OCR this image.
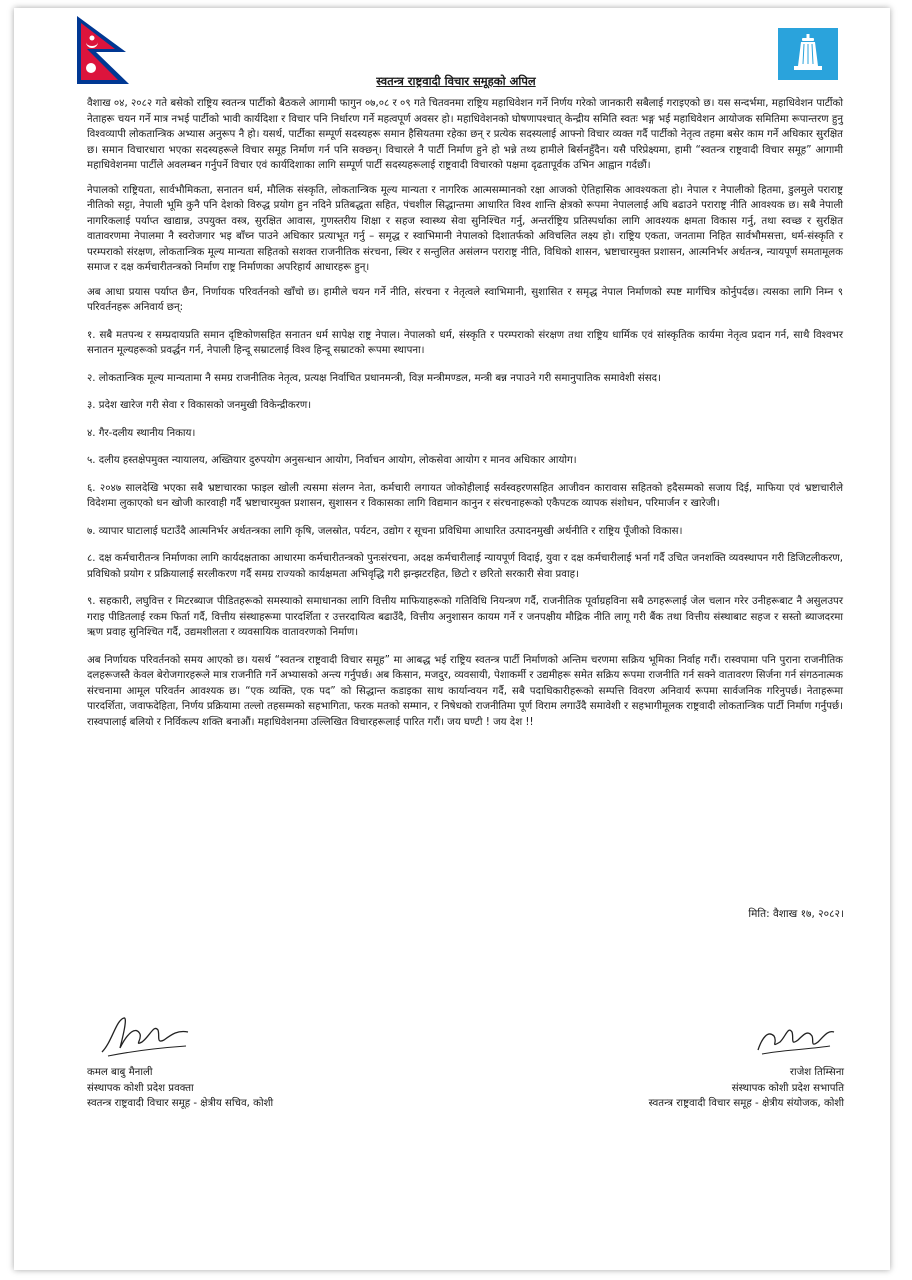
स्वतन्त्र राष्ट्रवादी विचार समूहको अपिल

वैशाख ०४, २०८२ गते बसेको राष्ट्रिय स्वतन्त्र पार्टीको बैठकले आगामी फागुन ०७,०८ र ०९ गते चितवनमा राष्ट्रिय महाधिवेशन गर्ने निर्णय गरेको जानकारी सबैलाई गराइएको छ। यस सन्दर्भमा, महाधिवेशन पार्टीको नेताहरू चयन गर्ने मात्र नभई पार्टीको भावी कार्यदिशा र विचार पनि निर्धारण गर्ने महत्वपूर्ण अवसर हो। महाधिवेशनको घोषणापश्चात् केन्द्रीय समिति स्वतः भङ्ग भई महाधिवेशन आयोजक समितिमा रूपान्तरण हुनु विश्वव्यापी लोकतान्त्रिक अभ्यास अनुरूप नै हो। यसर्थ, पार्टीका सम्पूर्ण सदस्यहरू समान हैसियतमा रहेका छन् र प्रत्येक सदस्यलाई आफ्नो विचार व्यक्त गर्दै पार्टीको नेतृत्व तहमा बसेर काम गर्ने अधिकार सुरक्षित छ। समान विचारधारा भएका सदस्यहरूले विचार समूह निर्माण गर्न पनि सक्छन्। विचारले नै पार्टी निर्माण हुने हो भन्ने तथ्य हामीले बिर्सनहुँदैन। यसै परिप्रेक्ष्यमा, हामी “स्वतन्त्र राष्ट्रवादी विचार समूह” आगामी महाधिवेशनमा पार्टीले अवलम्बन गर्नुपर्ने विचार एवं कार्यदिशाका लागि सम्पूर्ण पार्टी सदस्यहरूलाई राष्ट्रवादी विचारको पक्षमा दृढतापूर्वक उभिन आह्वान गर्दछौं।

नेपालको राष्ट्रियता, सार्वभौमिकता, सनातन धर्म, मौलिक संस्कृति, लोकतान्त्रिक मूल्य मान्यता र नागरिक आत्मसम्मानको रक्षा आजको ऐतिहासिक आवश्यकता हो। नेपाल र नेपालीको हितमा, डुलमुले पराराष्ट्र नीतिको सट्टा, नेपाली भूमि कुनै पनि देशको विरुद्ध प्रयोग हुन नदिने प्रतिबद्धता सहित, पंचशील सिद्धान्तमा आधारित विश्व शान्ति क्षेत्रको रूपमा नेपाललाई अघि बढाउने पराराष्ट्र नीति आवश्यक छ। सबै नेपाली नागरिकलाई पर्याप्त खाद्यान्न, उपयुक्त वस्त्र, सुरक्षित आवास, गुणस्तरीय शिक्षा र सहज स्वास्थ्य सेवा सुनिश्चित गर्नु, अन्तर्राष्ट्रिय प्रतिस्पर्धाका लागि आवश्यक क्षमता विकास गर्नु, तथा स्वच्छ र सुरक्षित वातावरणमा नेपालमा नै स्वरोजगार भइ बाँच्न पाउने अधिकार प्रत्याभूत गर्नु – समृद्ध र स्वाभिमानी नेपालको दिशातर्फको अविचलित लक्ष्य हो। राष्ट्रिय एकता, जनतामा निहित सार्वभौमसत्ता, धर्म-संस्कृति र परम्पराको संरक्षण, लोकतान्त्रिक मूल्य मान्यता सहितको सशक्त राजनीतिक संरचना, स्थिर र सन्तुलित असंलग्न पराराष्ट्र नीति, विधिको शासन, भ्रष्टाचारमुक्त प्रशासन, आत्मनिर्भर अर्थतन्त्र, न्यायपूर्ण समतामूलक समाज र दक्ष कर्मचारीतन्त्रको निर्माण राष्ट्र निर्माणका अपरिहार्य आधारहरू हुन्।

अब आधा प्रयास पर्याप्त छैन, निर्णायक परिवर्तनको खाँचो छ। हामीले चयन गर्ने नीति, संरचना र नेतृत्वले स्वाभिमानी, सुशासित र समृद्ध नेपाल निर्माणको स्पष्ट मार्गचित्र कोर्नुपर्दछ। त्यसका लागि निम्न ९ परिवर्तनहरू अनिवार्य छन्:

१. सबै मतपन्थ र सम्प्रदायप्रति समान दृष्टिकोणसहित सनातन धर्म सापेक्ष राष्ट्र नेपाल। नेपालको धर्म, संस्कृति र परम्पराको संरक्षण तथा राष्ट्रिय धार्मिक एवं सांस्कृतिक कार्यमा नेतृत्व प्रदान गर्न, साथै विश्वभर सनातन मूल्यहरूको प्रवर्द्धन गर्न, नेपाली हिन्दू सम्राटलाई विश्व हिन्दू सम्राटको रूपमा स्थापना।

२. लोकतान्त्रिक मूल्य मान्यतामा नै समग्र राजनीतिक नेतृत्व, प्रत्यक्ष निर्वाचित प्रधानमन्त्री, विज्ञ मन्त्रीमण्डल, मन्त्री बन्न नपाउने गरी समानुपातिक समावेशी संसद।

३. प्रदेश खारेज गरी सेवा र विकासको जनमुखी विकेन्द्रीकरण।

४. गैर-दलीय स्थानीय निकाय।

५. दलीय हस्तक्षेपमुक्त न्यायालय, अख्तियार दुरुपयोग अनुसन्धान आयोग, निर्वाचन आयोग, लोकसेवा आयोग र मानव अधिकार आयोग।

६. २०४७ सालदेखि भएका सबै भ्रष्टाचारका फाइल खोली त्यसमा संलग्न नेता, कर्मचारी लगायत जोकोहीलाई सर्वस्वहरणसहित आजीवन कारावास सहितको हदैसम्मको सजाय दिई, माफिया एवं भ्रष्टाचारीले विदेशमा लुकाएको धन खोजी कारवाही गर्दै भ्रष्टाचारमुक्त प्रशासन, सुशासन र विकासका लागि विद्यमान कानुन र संरचनाहरूको एकैपटक व्यापक संशोधन, परिमार्जन र खारेजी।

७. व्यापार घाटालाई घटाउँदै आत्मनिर्भर अर्थतन्त्रका लागि कृषि, जलस्रोत, पर्यटन, उद्योग र सूचना प्रविधिमा आधारित उत्पादनमुखी अर्थनीति र राष्ट्रिय पूँजीको विकास।

८. दक्ष कर्मचारीतन्त्र निर्माणका लागि कार्यदक्षताका आधारमा कर्मचारीतन्त्रको पुनःसंरचना, अदक्ष कर्मचारीलाई न्यायपूर्ण विदाई, युवा र दक्ष कर्मचारीलाई भर्ना गर्दै उचित जनशक्ति व्यवस्थापन गरी डिजिटलीकरण, प्रविधिको प्रयोग र प्रक्रियालाई सरलीकरण गर्दै समग्र राज्यको कार्यक्षमता अभिवृद्धि गरी झन्झटरहित, छिटो र छरितो सरकारी सेवा प्रवाह।

९. सहकारी, लघुवित्त र मिटरब्याज पीडितहरूको समस्याको समाधानका लागि वित्तीय माफियाहरूको गतिविधि नियन्त्रण गर्दै, राजनीतिक पूर्वाग्रहविना सबै ठगहरूलाई जेल चलान गरेर उनीहरूबाट नै असुलउपर गराइ पीडितलाई रकम फिर्ता गर्दै, वित्तीय संस्थाहरूमा पारदर्शिता र उत्तरदायित्व बढाउँदै, वित्तीय अनुशासन कायम गर्ने र जनपक्षीय मौद्रिक नीति लागू गरी बैंक तथा वित्तीय संस्थाबाट सहज र सस्तो ब्याजदरमा ऋण प्रवाह सुनिश्चित गर्दै, उद्यमशीलता र व्यवसायिक वातावरणको निर्माण।

अब निर्णायक परिवर्तनको समय आएको छ। यसर्थ “स्वतन्त्र राष्ट्रवादी विचार समूह” मा आबद्ध भई राष्ट्रिय स्वतन्त्र पार्टी निर्माणको अन्तिम चरणमा सक्रिय भूमिका निर्वाह गरौं। रास्वपामा पनि पुराना राजनीतिक दलहरूजस्तै केवल बेरोजगारहरूले मात्र राजनीति गर्ने अभ्यासको अन्त्य गर्नुपर्छ। अब किसान, मजदुर, व्यवसायी, पेशाकर्मी र उद्यमीहरू समेत सक्रिय रूपमा राजनीति गर्न सक्ने वातावरण सिर्जना गर्न संगठनात्मक संरचनामा आमूल परिवर्तन आवश्यक छ। “एक व्यक्ति, एक पद” को सिद्धान्त कडाइका साथ कार्यान्वयन गर्दै, सबै पदाधिकारीहरूको सम्पत्ति विवरण अनिवार्य रूपमा सार्वजनिक गरिनुपर्छ। नेताहरूमा पारदर्शिता, जवाफदेहिता, निर्णय प्रक्रियामा तल्लो तहसम्मको सहभागिता, फरक मतको सम्मान, र निषेधको राजनीतिमा पूर्ण विराम लगाउँदै समावेशी र सहभागीमूलक राष्ट्रवादी लोकतान्त्रिक पार्टी निर्माण गर्नुपर्छ। रास्वपालाई बलियो र निर्विकल्प शक्ति बनाऔं। महाधिवेशनमा उल्लिखित विचारहरूलाई पारित गरौं। जय घण्टी ! जय देश !!

मिति: वैशाख १७, २०८२।
कमल बाबु मैनाली
संस्थापक कोशी प्रदेश प्रवक्ता
स्वतन्त्र राष्ट्रवादी विचार समूह - क्षेत्रीय सचिव, कोशी
राजेश तिम्सिना
संस्थापक कोशी प्रदेश सभापति
स्वतन्त्र राष्ट्रवादी विचार समूह - क्षेत्रीय संयोजक, कोशी
